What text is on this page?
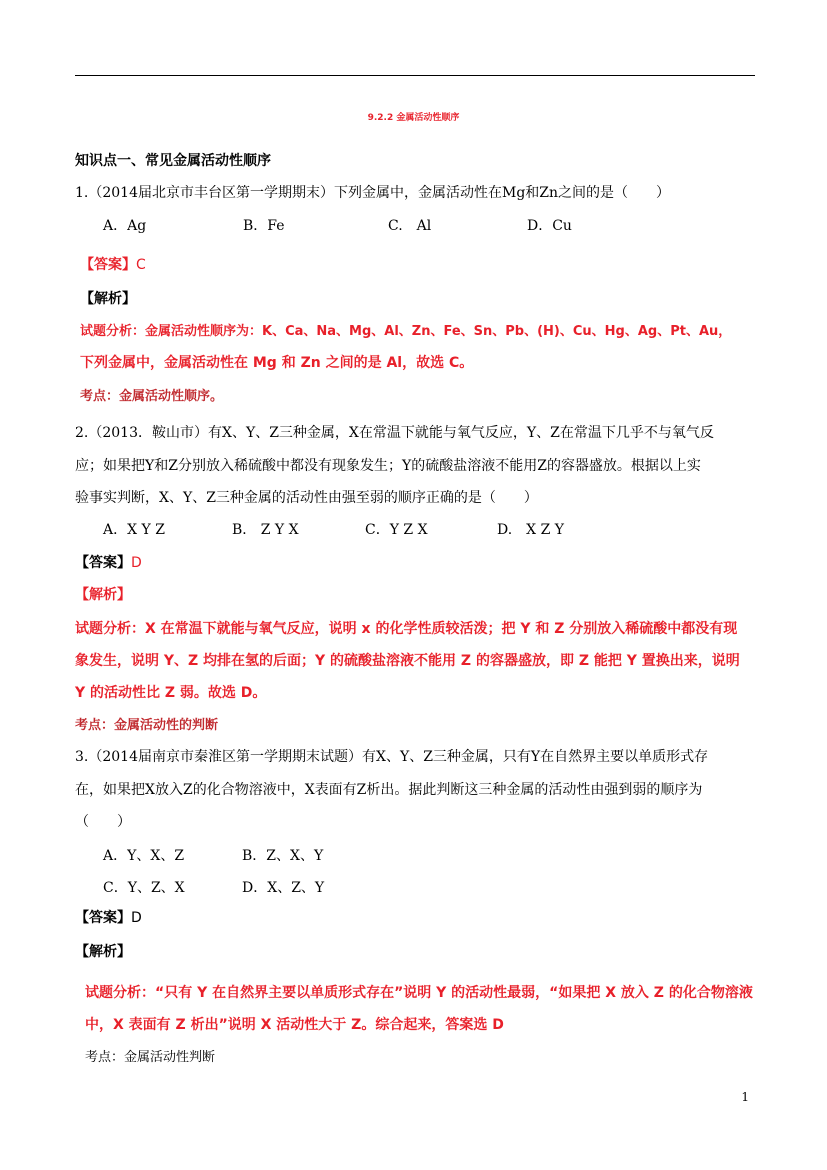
9.2.2 金属活动性顺序
知识点一、常见金属活动性顺序
1.（2014届北京市丰台区第一学期期末）下列金属中，金属活动性在Mg和Zn之间的是（　　）
A．Ag	B．Fe	C.　Al	D．Cu
【答案】C
【解析】
试题分析：金属活动性顺序为：K、Ca、Na、Mg、Al、Zn、Fe、Sn、Pb、(H)、Cu、Hg、Ag、Pt、Au，
下列金属中，金属活动性在 Mg 和 Zn 之间的是 Al，故选 C。
考点：金属活动性顺序。
2.（2013．鞍山市）有X、Y、Z三种金属，X在常温下就能与氧气反应，Y、Z在常温下几乎不与氧气反
应；如果把Y和Z分别放入稀硫酸中都没有现象发生；Y的硫酸盐溶液不能用Z的容器盛放。根据以上实
验事实判断，X、Y、Z三种金属的活动性由强至弱的顺序正确的是（　　）
A．X Y Z	B． Z Y X	C．Y Z X	D.　X Z Y
【答案】D
【解析】
试题分析：X 在常温下就能与氧气反应，说明 x 的化学性质较活泼；把 Y 和 Z 分别放入稀硫酸中都没有现
象发生，说明 Y、Z 均排在氢的后面；Y 的硫酸盐溶液不能用 Z 的容器盛放，即 Z 能把 Y 置换出来，说明
Y 的活动性比 Z 弱。故选 D。
考点：金属活动性的判断
3.（2014届南京市秦淮区第一学期期末试题）有X、Y、Z三种金属，只有Y在自然界主要以单质形式存
在，如果把X放入Z的化合物溶液中，X表面有Z析出。据此判断这三种金属的活动性由强到弱的顺序为
（　　）
A．Y、X、Z	B．Z、X、Y
C．Y、Z、X	D．X、Z、Y
【答案】D
【解析】
试题分析：“只有 Y 在自然界主要以单质形式存在”说明 Y 的活动性最弱，“如果把 X 放入 Z 的化合物溶液
中，X 表面有 Z 析出”说明 X 活动性大于 Z。综合起来，答案选 D
考点：金属活动性判断
1
